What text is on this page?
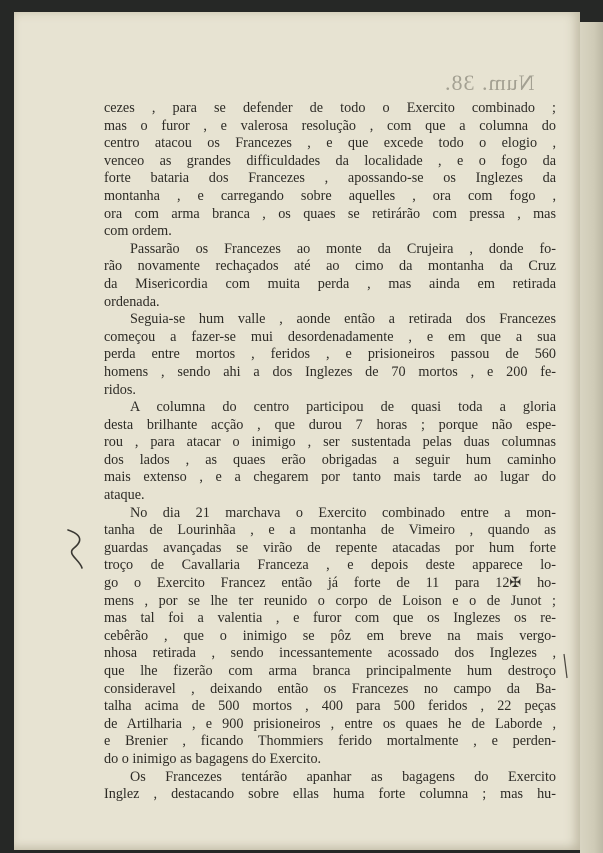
Num. 38.
cezes , para se defender de todo o Exercito combinado ;
mas o furor , e valerosa resolução , com que a columna do
centro atacou os Francezes , e que excede todo o elogio ,
venceo as grandes difficuldades da localidade , e o fogo da
forte bataria dos Francezes , apossando-se os Inglezes da
montanha , e carregando sobre aquelles , ora com fogo ,
ora com arma branca , os quaes se retirárão com pressa , mas
com ordem.
Passarão os Francezes ao monte da Crujeira , donde fo-
rão novamente rechaçados até ao cimo da montanha da Cruz
da Misericordia com muita perda , mas ainda em retirada
ordenada.
Seguia-se hum valle , aonde então a retirada dos Francezes
começou a fazer-se mui desordenadamente , e em que a sua
perda entre mortos , feridos , e prisioneiros passou de 560
homens , sendo ahi a dos Inglezes de 70 mortos , e 200 fe-
ridos.
A columna do centro participou de quasi toda a gloria
desta brilhante acção , que durou 7 horas ; porque não espe-
rou , para atacar o inimigo , ser sustentada pelas duas columnas
dos lados , as quaes erão obrigadas a seguir hum caminho
mais extenso , e a chegarem por tanto mais tarde ao lugar do
ataque.
No dia 21 marchava o Exercito combinado entre a mon-
tanha de Lourinhãa , e a montanha de Vimeiro , quando as
guardas avançadas se virão de repente atacadas por hum forte
troço de Cavallaria Franceza , e depois deste apparece lo-
go o Exercito Francez então já forte de 11 para 12✠ ho-
mens , por se lhe ter reunido o corpo de Loison e o de Junot ;
mas tal foi a valentia , e furor com que os Inglezes os re-
cebêrão , que o inimigo se pôz em breve na mais vergo-
nhosa retirada , sendo incessantemente acossado dos Inglezes ,
que lhe fizerão com arma branca principalmente hum destroço
consideravel , deixando então os Francezes no campo da Ba-
talha acima de 500 mortos , 400 para 500 feridos , 22 peças
de Artilharia , e 900 prisioneiros , entre os quaes he de Laborde ,
e Brenier , ficando Thommiers ferido mortalmente , e perden-
do o inimigo as bagagens do Exercito.
Os Francezes tentárão apanhar as bagagens do Exercito
Inglez , destacando sobre ellas huma forte columna ; mas hu-
